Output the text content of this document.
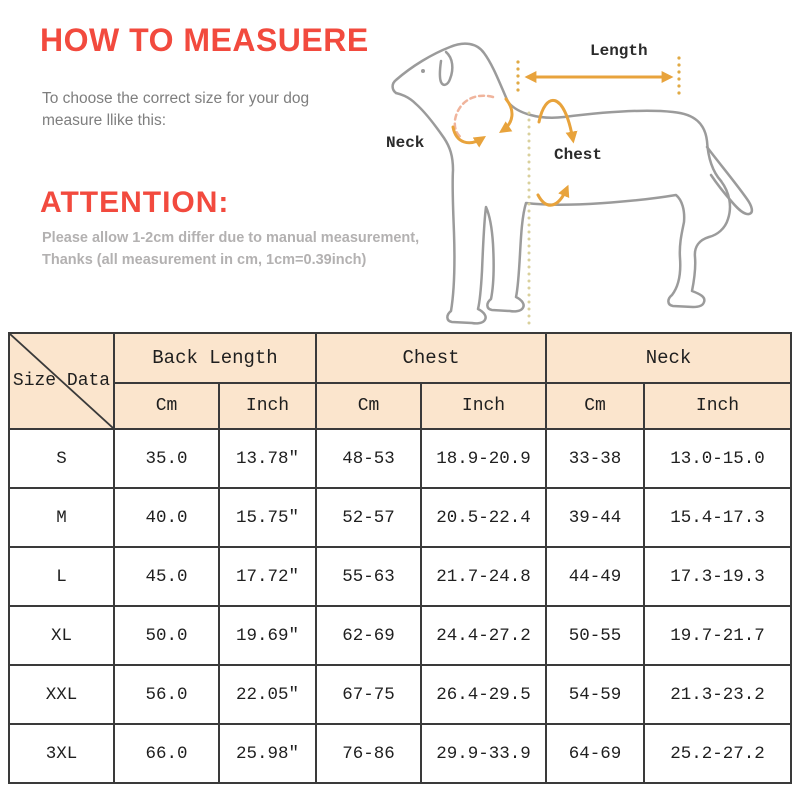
HOW TO MEASUERE
To choose the correct size for your dog
measure llike this:
ATTENTION:
Please allow 1-2cm differ due to manual measurement,
Thanks (all measurement in cm, 1cm=0.39inch)
Length
Neck
Chest
Size Data	Back Length		Chest		Neck	
	Cm	Inch	Cm	Inch	Cm	Inch
S	35.0	13.78″	48-53	18.9-20.9	33-38	13.0-15.0
M	40.0	15.75″	52-57	20.5-22.4	39-44	15.4-17.3
L	45.0	17.72″	55-63	21.7-24.8	44-49	17.3-19.3
XL	50.0	19.69″	62-69	24.4-27.2	50-55	19.7-21.7
XXL	56.0	22.05″	67-75	26.4-29.5	54-59	21.3-23.2
3XL	66.0	25.98″	76-86	29.9-33.9	64-69	25.2-27.2
